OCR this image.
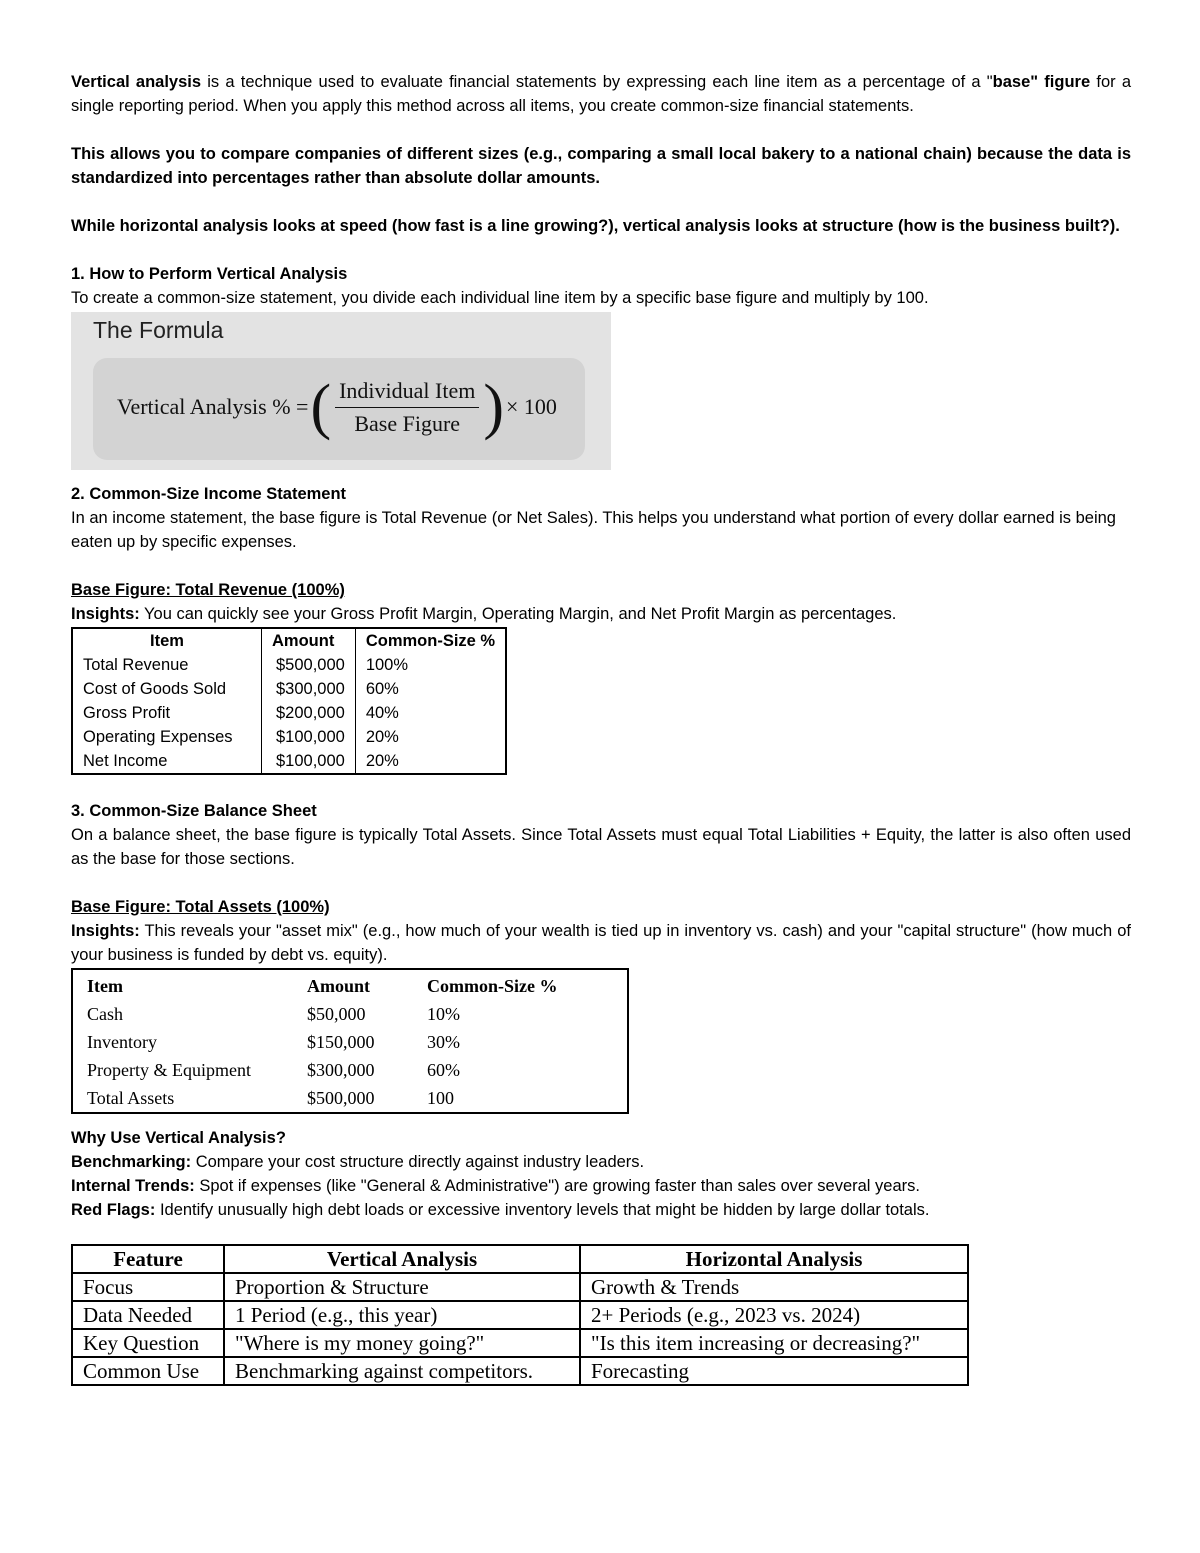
Vertical analysis is a technique used to evaluate financial statements by expressing each line item as a percentage of a "base" figure for a single reporting period. When you apply this method across all items, you create common-size financial statements.

This allows you to compare companies of different sizes (e.g., comparing a small local bakery to a national chain) because the data is standardized into percentages rather than absolute dollar amounts.

While horizontal analysis looks at speed (how fast is a line growing?), vertical analysis looks at structure (how is the business built?).

1. How to Perform Vertical Analysis

To create a common-size statement, you divide each individual line item by a specific base figure and multiply by 100.

The Formula
Vertical Analysis % = ( $\frac{\text{Individual Item}}{\text{Base Figure}}$ ) × 100

2. Common-Size Income Statement

In an income statement, the base figure is Total Revenue (or Net Sales). This helps you understand what portion of every dollar earned is being eaten up by specific expenses.

Base Figure: Total Revenue (100%)

Insights: You can quickly see your Gross Profit Margin, Operating Margin, and Net Profit Margin as percentages.

Item	Amount	Common-Size %
Total Revenue	$500,000	100%
Cost of Goods Sold	$300,000	60%
Gross Profit	$200,000	40%
Operating Expenses	$100,000	20%
Net Income	$100,000	20%

3. Common-Size Balance Sheet

On a balance sheet, the base figure is typically Total Assets. Since Total Assets must equal Total Liabilities + Equity, the latter is also often used as the base for those sections.

Base Figure: Total Assets (100%)

Insights: This reveals your "asset mix" (e.g., how much of your wealth is tied up in inventory vs. cash) and your "capital structure" (how much of your business is funded by debt vs. equity).

Item	Amount	Common-Size %
Cash	$50,000	10%
Inventory	$150,000	30%
Property & Equipment	$300,000	60%
Total Assets	$500,000	100

Why Use Vertical Analysis?

Benchmarking: Compare your cost structure directly against industry leaders.

Internal Trends: Spot if expenses (like "General & Administrative") are growing faster than sales over several years.

Red Flags: Identify unusually high debt loads or excessive inventory levels that might be hidden by large dollar totals.

Feature	Vertical Analysis	Horizontal Analysis
Focus	Proportion & Structure	Growth & Trends
Data Needed	1 Period (e.g., this year)	2+ Periods (e.g., 2023 vs. 2024)
Key Question	"Where is my money going?"	"Is this item increasing or decreasing?"
Common Use	Benchmarking against competitors.	Forecasting
